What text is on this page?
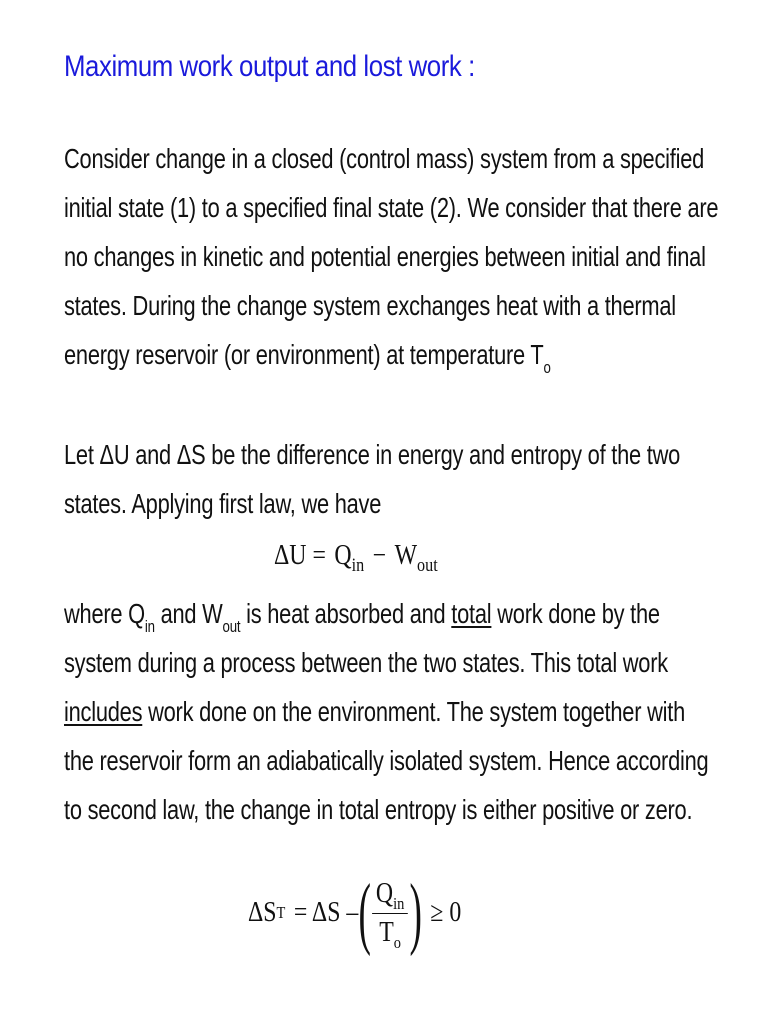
Maximum work output and lost work :
Consider change in a closed (control mass) system from a specified
initial state (1) to a specified final state (2). We consider that there are
no changes in kinetic and potential energies between initial and final
states. During the change system exchanges heat with a thermal
energy reservoir (or environment) at temperature $T_o$
Let ΔU and ΔS be the difference in energy and entropy of the two
states. Applying first law, we have
$\Delta U = Q_{in} - W_{out}$
where $Q_{in}$ and $W_{out}$ is heat absorbed and total work done by the
system during a process between the two states. This total work
includes work done on the environment. The system together with
the reservoir form an adiabatically isolated system. Hence according
to second law, the change in total entropy is either positive or zero.
ΔS T = ΔS – ( $\frac{Q_{in}}{T_o}$ ) ≥ 0
